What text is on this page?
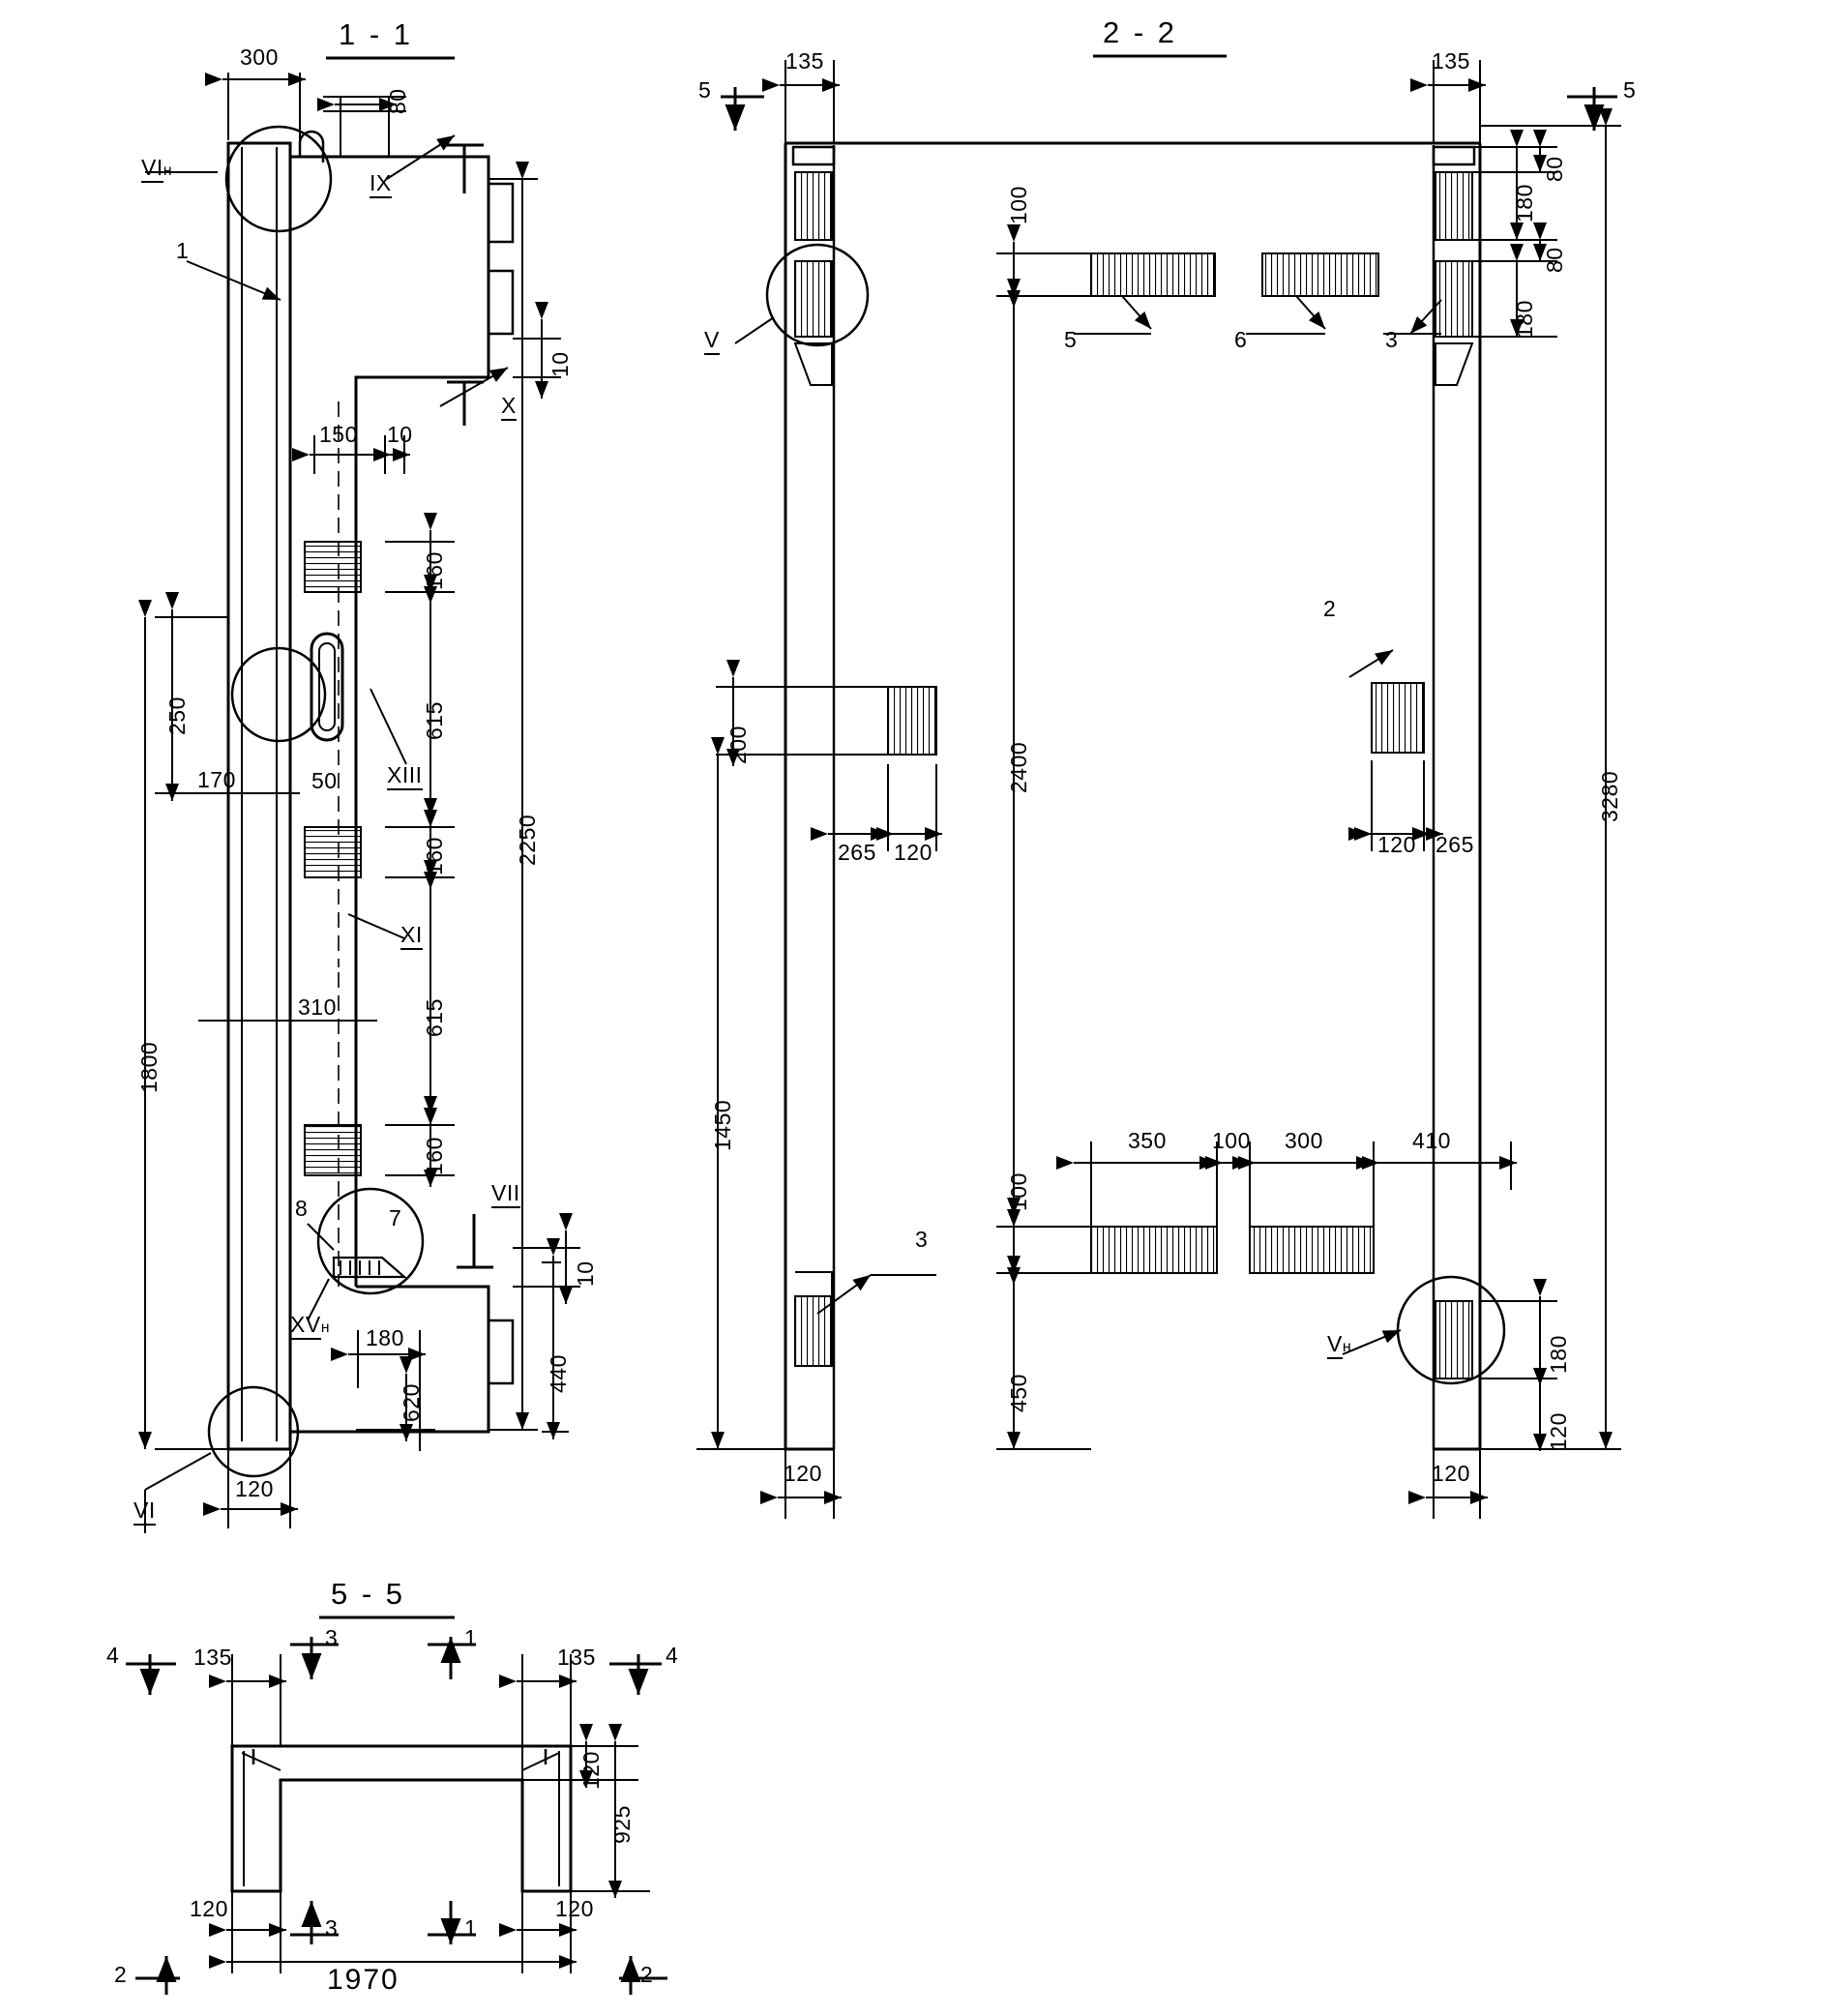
1 - 1	2 - 2
5 - 5
300
80
10
150 10
160
615
160
615
160
2250
250
170	50
310
1800
180
620
440
10
120
1
7
8
VIн	IX
X
XIII
XI
VII
XVн
VI
5	5
135	135
180
80
80
180
3280
100
2400
200
1450
100
450
265 120	120 265
350 100 300	410
120	120
180
120
5	6	3
2
3
V
Vн
4	4
135	135
3	1
3	1
120
925
120	120
1970
2	2
